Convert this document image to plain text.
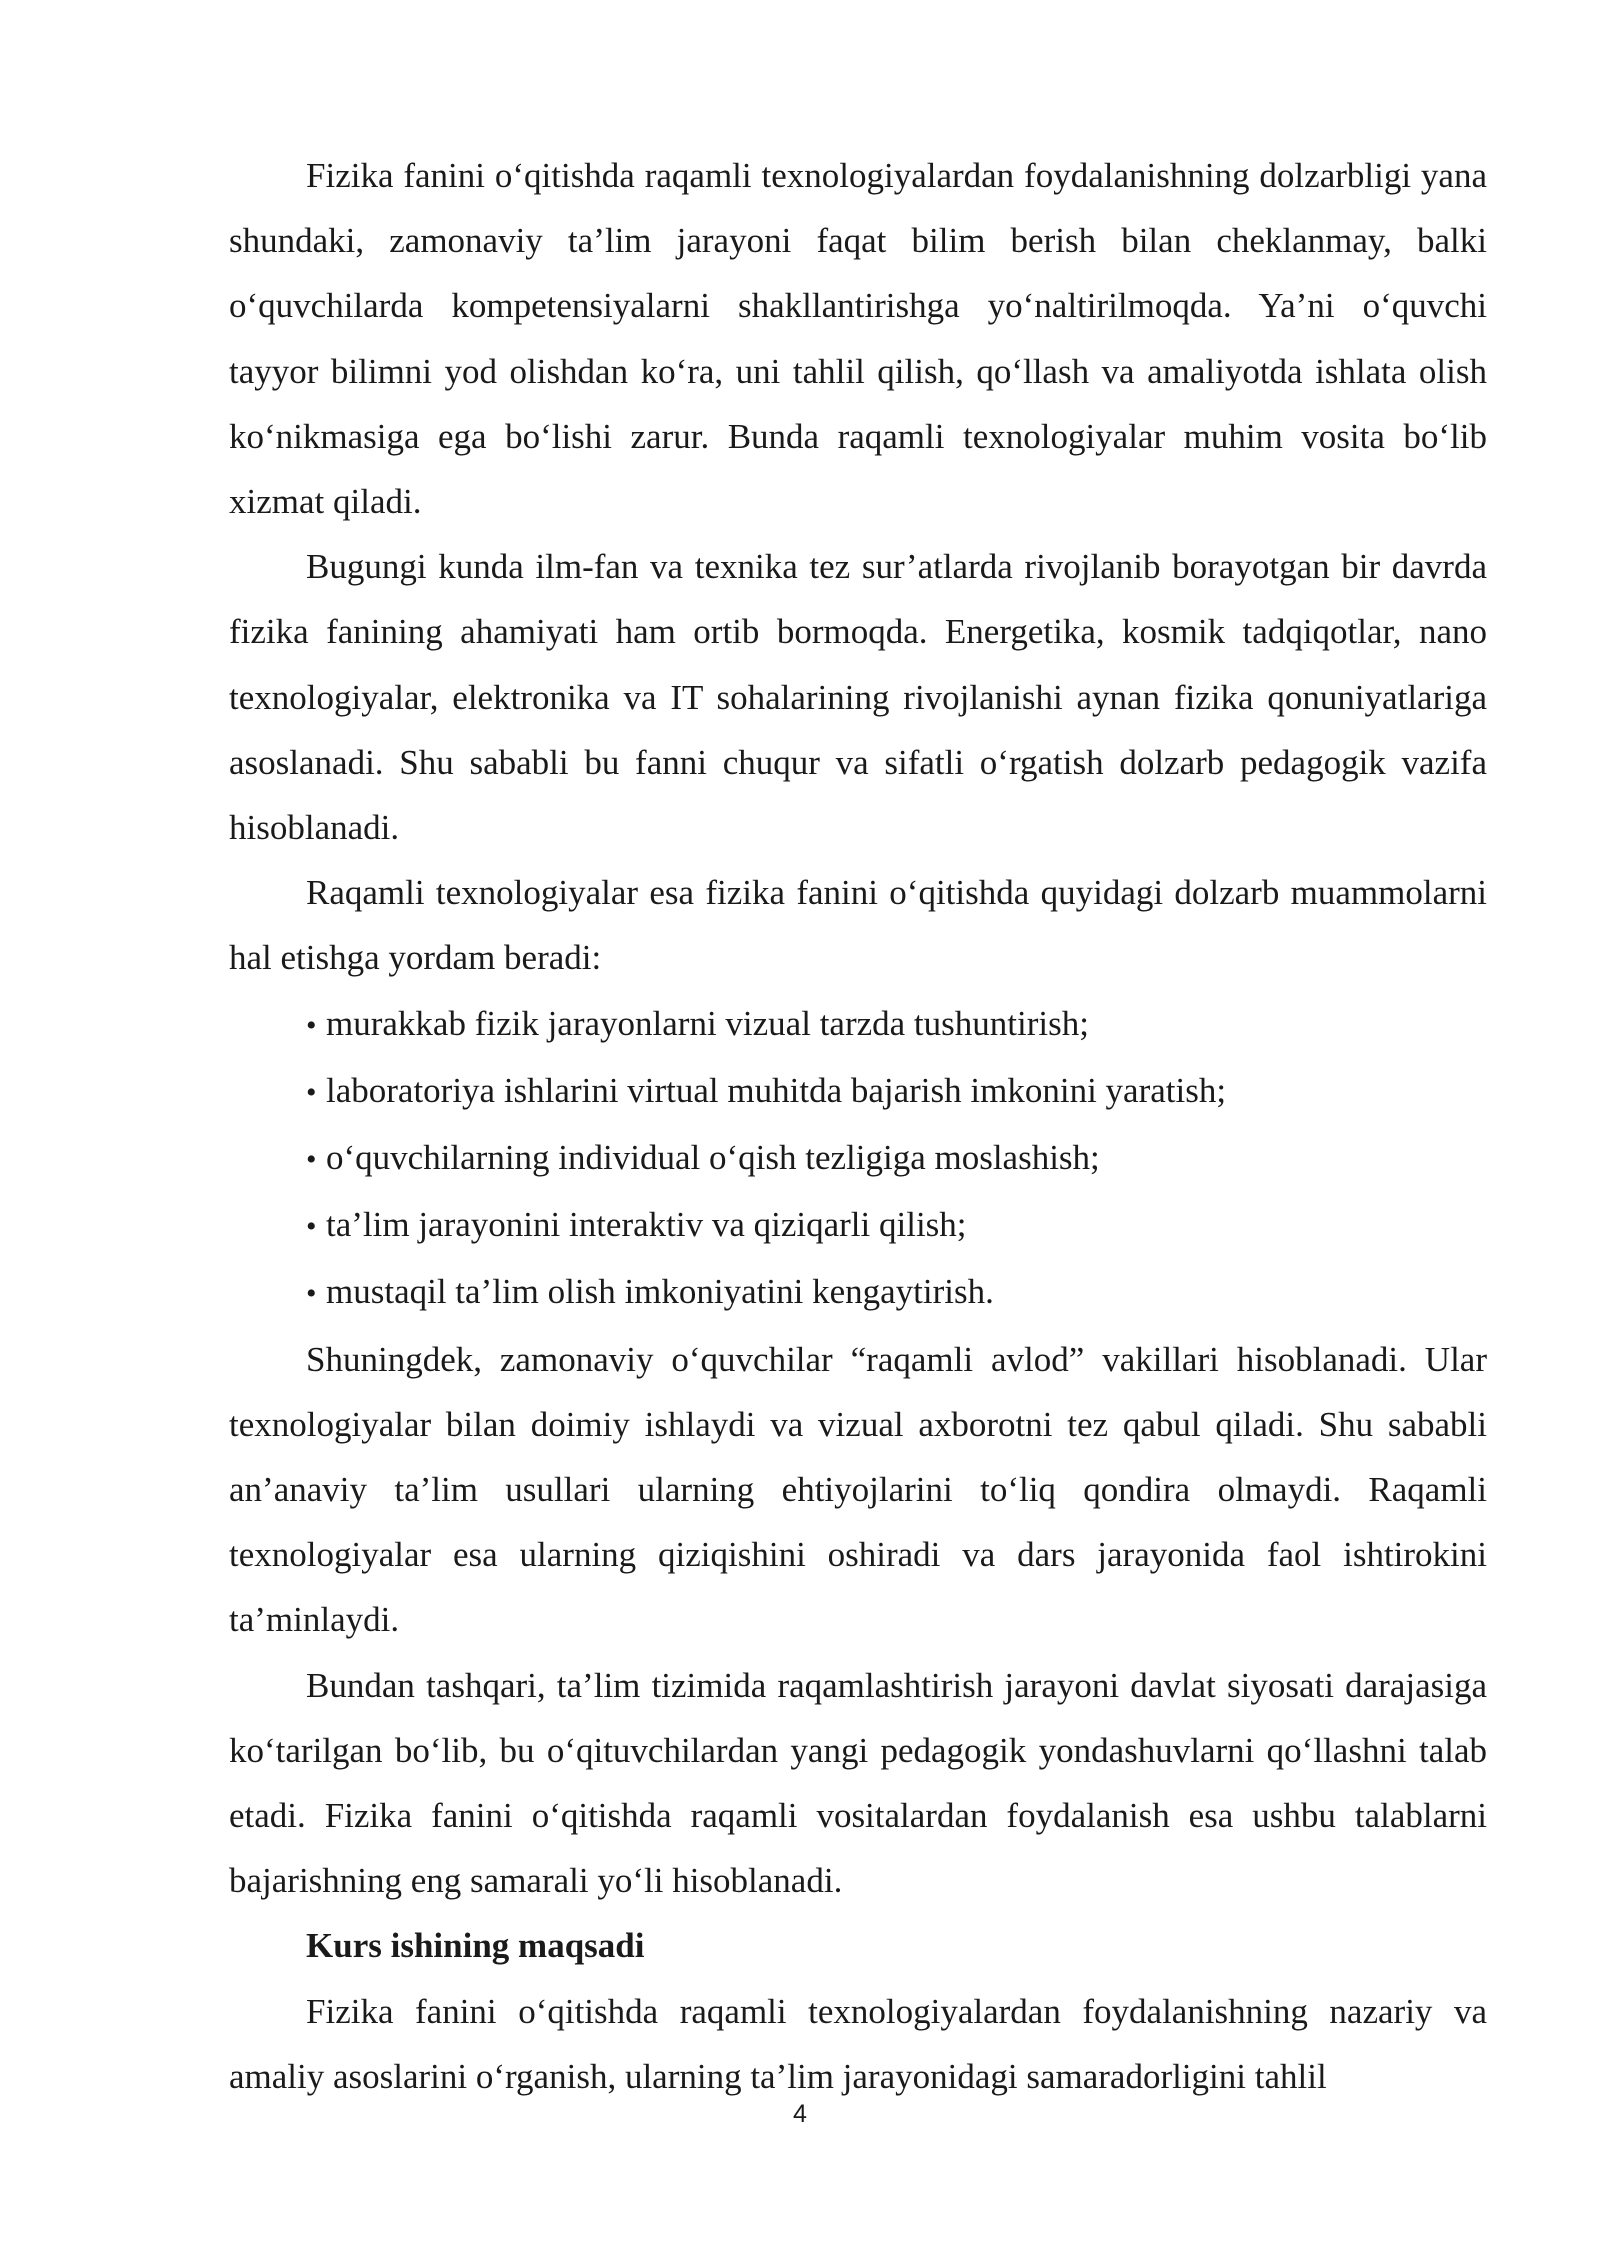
Fizika fanini o‘qitishda raqamli texnologiyalardan foydalanishning dolzarbligi yana shundaki, zamonaviy ta’lim jarayoni faqat bilim berish bilan cheklanmay, balki o‘quvchilarda kompetensiyalarni shakllantirishga yo‘naltirilmoqda. Ya’ni o‘quvchi tayyor bilimni yod olishdan ko‘ra, uni tahlil qilish, qo‘llash va amaliyotda ishlata olish ko‘nikmasiga ega bo‘lishi zarur. Bunda raqamli texnologiyalar muhim vosita bo‘lib xizmat qiladi.

Bugungi kunda ilm-fan va texnika tez sur’atlarda rivojlanib borayotgan bir davrda fizika fanining ahamiyati ham ortib bormoqda. Energetika, kosmik tadqiqotlar, nano texnologiyalar, elektronika va IT sohalarining rivojlanishi aynan fizika qonuniyatlariga asoslanadi. Shu sababli bu fanni chuqur va sifatli o‘rgatish dolzarb pedagogik vazifa hisoblanadi.

Raqamli texnologiyalar esa fizika fanini o‘qitishda quyidagi dolzarb muammolarni hal etishga yordam beradi:

• murakkab fizik jarayonlarni vizual tarzda tushuntirish;
• laboratoriya ishlarini virtual muhitda bajarish imkonini yaratish;
• o‘quvchilarning individual o‘qish tezligiga moslashish;
• ta’lim jarayonini interaktiv va qiziqarli qilish;
• mustaqil ta’lim olish imkoniyatini kengaytirish.

Shuningdek, zamonaviy o‘quvchilar “raqamli avlod” vakillari hisoblanadi. Ular texnologiyalar bilan doimiy ishlaydi va vizual axborotni tez qabul qiladi. Shu sababli an’anaviy ta’lim usullari ularning ehtiyojlarini to‘liq qondira olmaydi. Raqamli texnologiyalar esa ularning qiziqishini oshiradi va dars jarayonida faol ishtirokini ta’minlaydi.

Bundan tashqari, ta’lim tizimida raqamlashtirish jarayoni davlat siyosati darajasiga ko‘tarilgan bo‘lib, bu o‘qituvchilardan yangi pedagogik yondashuvlarni qo‘llashni talab etadi. Fizika fanini o‘qitishda raqamli vositalardan foydalanish esa ushbu talablarni bajarishning eng samarali yo‘li hisoblanadi.

Kurs ishining maqsadi

Fizika fanini o‘qitishda raqamli texnologiyalardan foydalanishning nazariy va amaliy asoslarini o‘rganish, ularning ta’lim jarayonidagi samaradorligini tahlil

4
